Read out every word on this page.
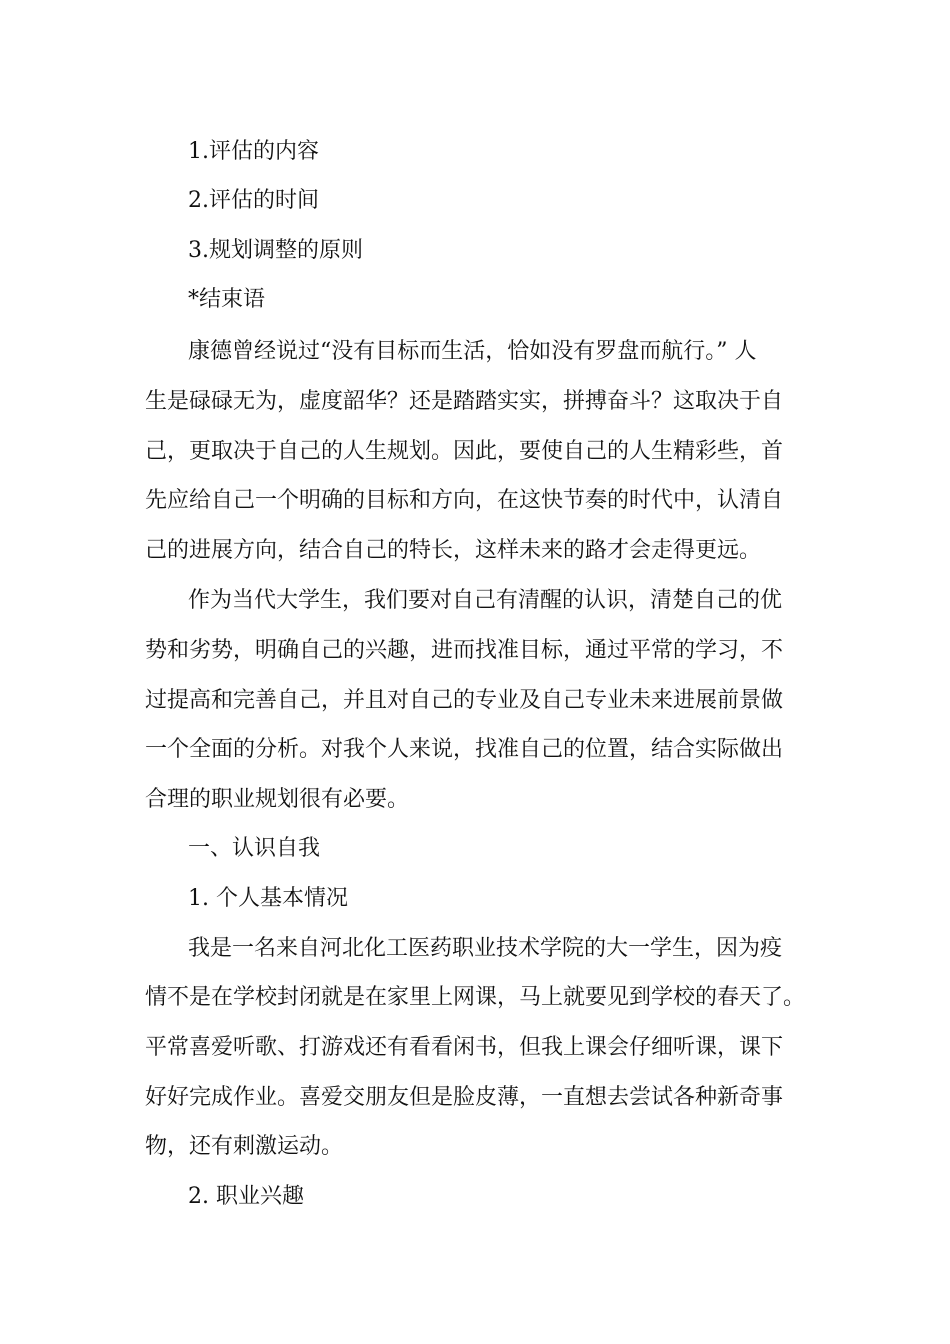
1.评估的内容
2.评估的时间
3.规划调整的原则
*结束语
康德曾经说过“没有目标而生活，恰如没有罗盘而航行。” 人
生是碌碌无为，虚度韶华？还是踏踏实实，拼搏奋斗？这取决于自
己，更取决于自己的人生规划。因此，要使自己的人生精彩些，首
先应给自己一个明确的目标和方向，在这快节奏的时代中，认清自
己的进展方向，结合自己的特长，这样未来的路才会走得更远。
作为当代大学生，我们要对自己有清醒的认识，清楚自己的优
势和劣势，明确自己的兴趣，进而找准目标，通过平常的学习，不
过提高和完善自己，并且对自己的专业及自己专业未来进展前景做
一个全面的分析。对我个人来说，找准自己的位置，结合实际做出
合理的职业规划很有必要。
一、认识自我
1. 个人基本情况
我是一名来自河北化工医药职业技术学院的大一学生，因为疫
情不是在学校封闭就是在家里上网课，马上就要见到学校的春天了。
平常喜爱听歌、打游戏还有看看闲书，但我上课会仔细听课，课下
好好完成作业。喜爱交朋友但是脸皮薄，一直想去尝试各种新奇事
物，还有刺激运动。
2. 职业兴趣
